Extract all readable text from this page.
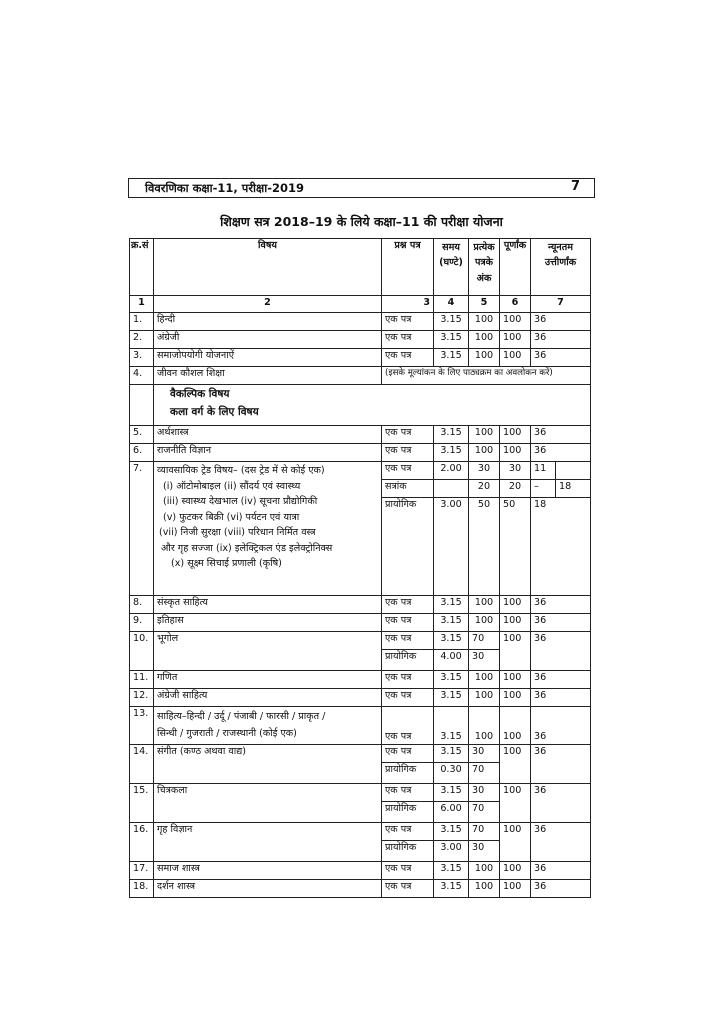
विवरणिका कक्षा-11, परीक्षा-2019	7
शिक्षण सत्र 2018–19 के लिये कक्षा–11 की परीक्षा योजना
क्र.सं	विषय	प्रश्न पत्र	समय
(घण्टे)	प्रत्येक
पत्रके
अंक	पूर्णांक	न्यूनतम
उत्तीर्णांक
1	2	3	4	5	6	7
1.	हिन्दी	एक पत्र	3.15	100	100	36
2.	अंग्रेजी	एक पत्र	3.15	100	100	36
3.	समाजोपयोगी योजनाऐं	एक पत्र	3.15	100	100	36
4.	जीवन कौशल शिक्षा	(इसके मूल्यांकन के लिए पाठ्यक्रम का अवलोकन करें)
	वैकल्पिक विषय
कला वर्ग के लिए विषय
5.	अर्थशास्त्र	एक पत्र	3.15	100	100	36
6.	राजनीति विज्ञान	एक पत्र	3.15	100	100	36
7.	व्यावसायिक ट्रेड विषय– (दस ट्रेड में से कोई एक)
(i) ऑटोमोबाइल (ii) सौंदर्य एवं स्वास्थ्य
(iii) स्वास्थ्य देखभाल (iv) सूचना प्रौद्योगिकी
(v) फुटकर बिक्री (vi) पर्यटन एवं यात्रा
(vii) निजी सुरक्षा (viii) परिधान निर्मित वस्त्र
और गृह सज्जा (ix) इलेक्ट्रिकल एंड इलेक्ट्रोनिक्स
(x) सूक्ष्म सिचाई प्रणाली (कृषि)	एक पत्र	2.00	30	30	11	

सत्रांक		20	20	–	18

प्रायोगिक	3.00	50	50	18
8.	संस्कृत साहित्य	एक पत्र	3.15	100	100	36
9.	इतिहास	एक पत्र	3.15	100	100	36
10.	भूगोल	एक पत्र	3.15	70	100	36
प्रायोगिक	4.00	30
11.	गणित	एक पत्र	3.15	100	100	36
12.	अंग्रेजी साहित्य	एक पत्र	3.15	100	100	36
13.	साहित्य–हिन्दी / उर्दू / पंजाबी / फारसी / प्राकृत /
सिन्धी / गुजराती / राजस्थानी (कोई एक)	एक पत्र	3.15	100	100	36
14.	संगीत (कण्ठ अथवा वाद्य)	एक पत्र	3.15	30	100	36
प्रायोगिक	0.30	70
15.	चित्रकला	एक पत्र	3.15	30	100	36
प्रायोगिक	6.00	70
16.	गृह विज्ञान	एक पत्र	3.15	70	100	36
प्रायोगिक	3.00	30
17.	समाज शास्त्र	एक पत्र	3.15	100	100	36
18.	दर्शन शास्त्र	एक पत्र	3.15	100	100	36
